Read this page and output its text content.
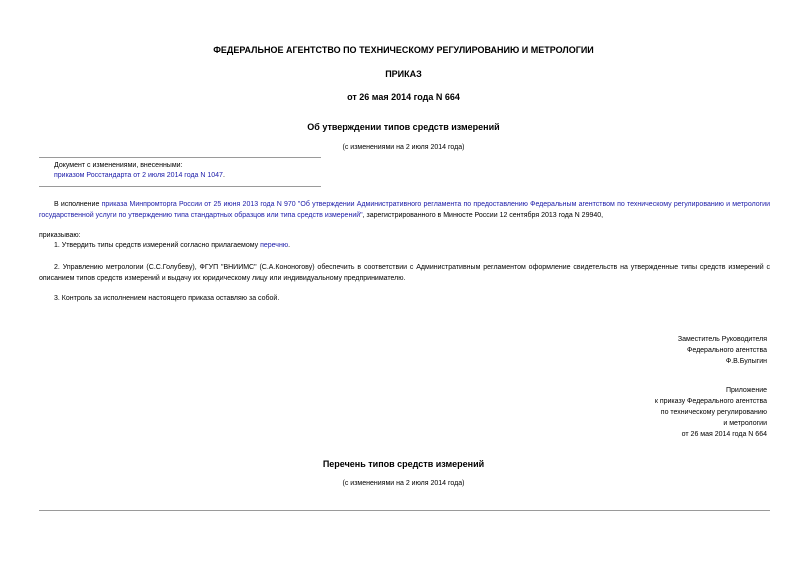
ФЕДЕРАЛЬНОЕ АГЕНТСТВО ПО ТЕХНИЧЕСКОМУ РЕГУЛИРОВАНИЮ И МЕТРОЛОГИИ
ПРИКАЗ
от 26 мая 2014 года N 664
Об утверждении типов средств измерений
(с изменениями на 2 июля 2014 года)
Документ с изменениями, внесенными:
приказом Росстандарта от 2 июля 2014 года N 1047.
В исполнение приказа Минпромторга России от 25 июня 2013 года N 970 "Об утверждении Административного регламента по предоставлению Федеральным агентством по техническому регулированию и метрологии государственной услуги по утверждению типа стандартных образцов или типа средств измерений", зарегистрированного в Минюсте России 12 сентября 2013 года N 29940,
приказываю:
1. Утвердить типы средств измерений согласно прилагаемому перечню.
2. Управлению метрологии (С.С.Голубеву), ФГУП "ВНИИМС" (С.А.Кононогову) обеспечить в соответствии с Административным регламентом оформление свидетельств на утвержденные типы средств измерений с описанием типов средств измерений и выдачу их юридическому лицу или индивидуальному предпринимателю.
3. Контроль за исполнением настоящего приказа оставляю за собой.
Заместитель Руководителя
Федерального агентства
Ф.В.Булыгин
Приложение
к приказу Федерального агентства
по техническому регулированию
и метрологии
от 26 мая 2014 года N 664
Перечень типов средств измерений
(с изменениями на 2 июля 2014 года)
